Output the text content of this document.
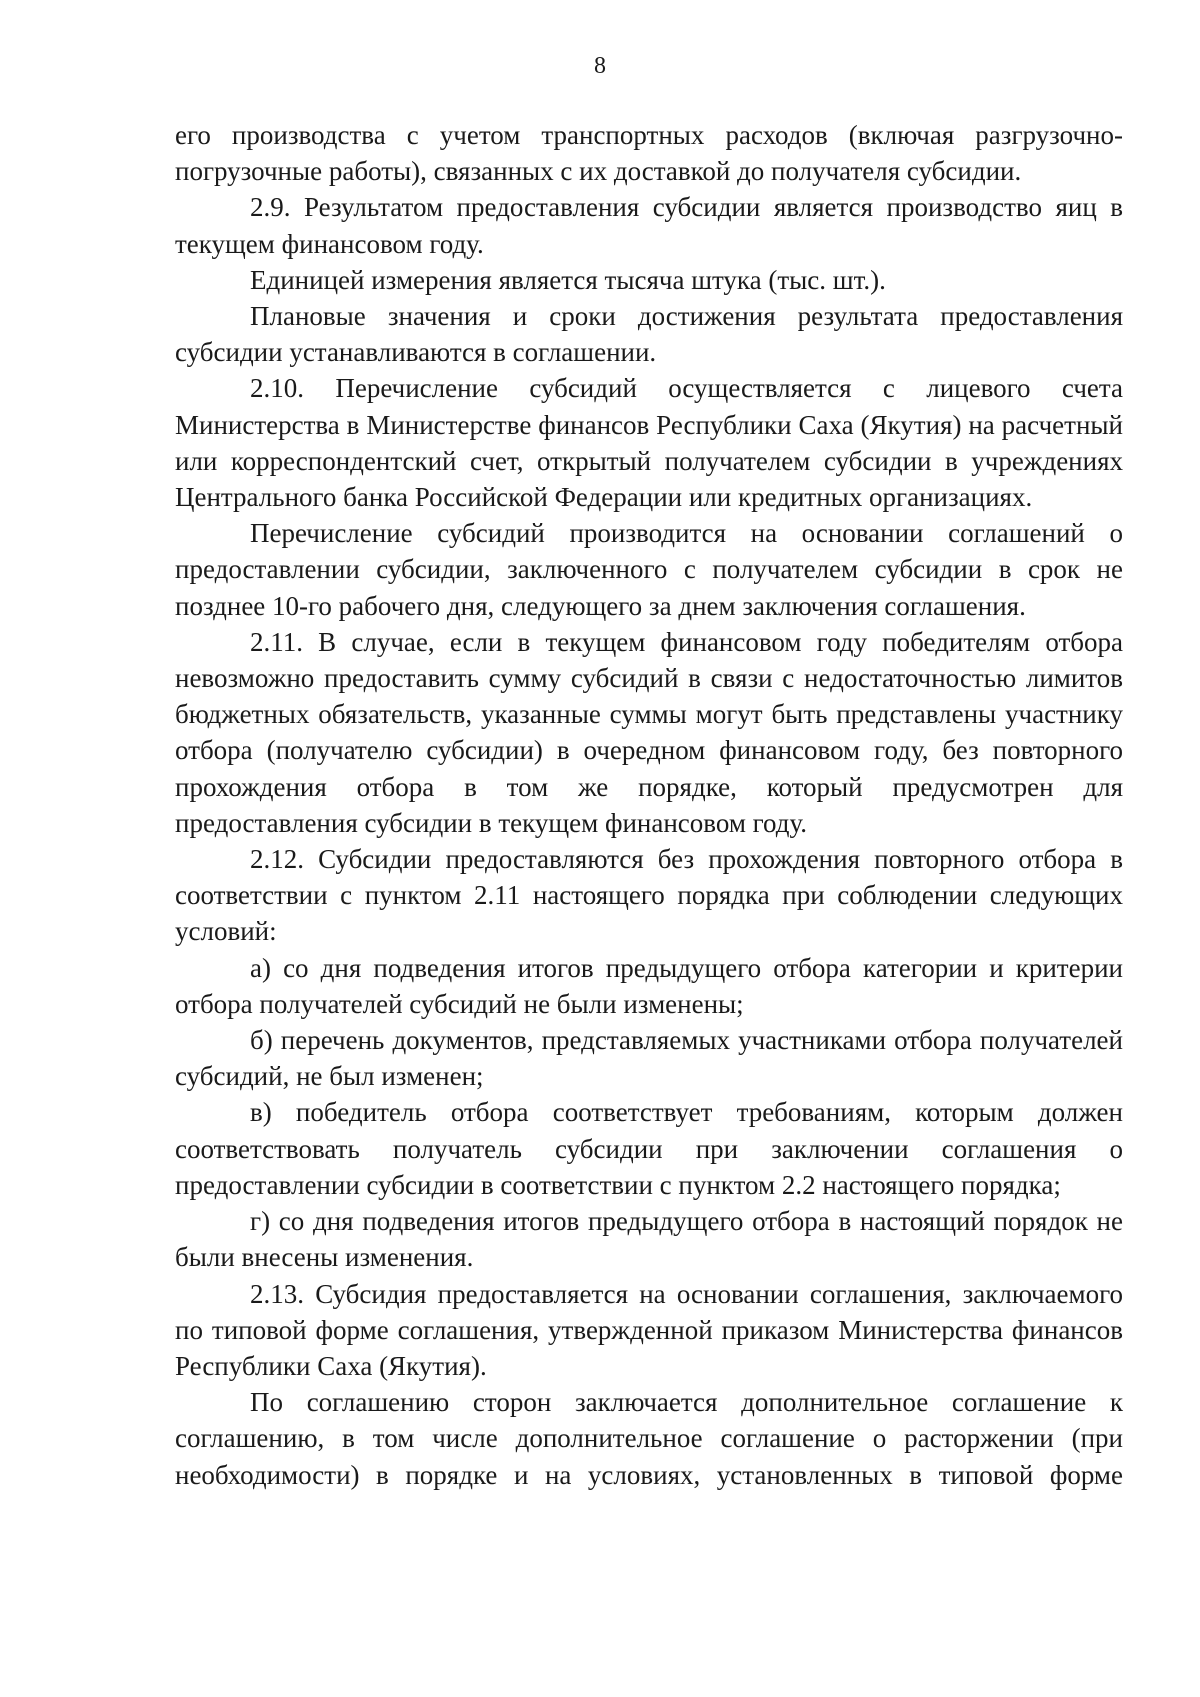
8

его производства с учетом транспортных расходов (включая разгрузочно-погрузочные работы), связанных с их доставкой до получателя субсидии.

2.9. Результатом предоставления субсидии является производство яиц в текущем финансовом году.

Единицей измерения является тысяча штука (тыс. шт.).

Плановые значения и сроки достижения результата предоставления субсидии устанавливаются в соглашении.

2.10. Перечисление субсидий осуществляется с лицевого счета Министерства в Министерстве финансов Республики Саха (Якутия) на расчетный или корреспондентский счет, открытый получателем субсидии в учреждениях Центрального банка Российской Федерации или кредитных организациях.

Перечисление субсидий производится на основании соглашений о предоставлении субсидии, заключенного с получателем субсидии в срок не позднее 10-го рабочего дня, следующего за днем заключения соглашения.

2.11. В случае, если в текущем финансовом году победителям отбора невозможно предоставить сумму субсидий в связи с недостаточностью лимитов бюджетных обязательств, указанные суммы могут быть представлены участнику отбора (получателю субсидии) в очередном финансовом году, без повторного прохождения отбора в том же порядке, который предусмотрен для предоставления субсидии в текущем финансовом году.

2.12. Субсидии предоставляются без прохождения повторного отбора в соответствии с пунктом 2.11 настоящего порядка при соблюдении следующих условий:

а) со дня подведения итогов предыдущего отбора категории и критерии отбора получателей субсидий не были изменены;

б) перечень документов, представляемых участниками отбора получателей субсидий, не был изменен;

в) победитель отбора соответствует требованиям, которым должен соответствовать получатель субсидии при заключении соглашения о предоставлении субсидии в соответствии с пунктом 2.2 настоящего порядка;

г) со дня подведения итогов предыдущего отбора в настоящий порядок не были внесены изменения.

2.13. Субсидия предоставляется на основании соглашения, заключаемого по типовой форме соглашения, утвержденной приказом Министерства финансов Республики Саха (Якутия).

По соглашению сторон заключается дополнительное соглашение к соглашению, в том числе дополнительное соглашение о расторжении (при необходимости) в порядке и на условиях, установленных в типовой форме
